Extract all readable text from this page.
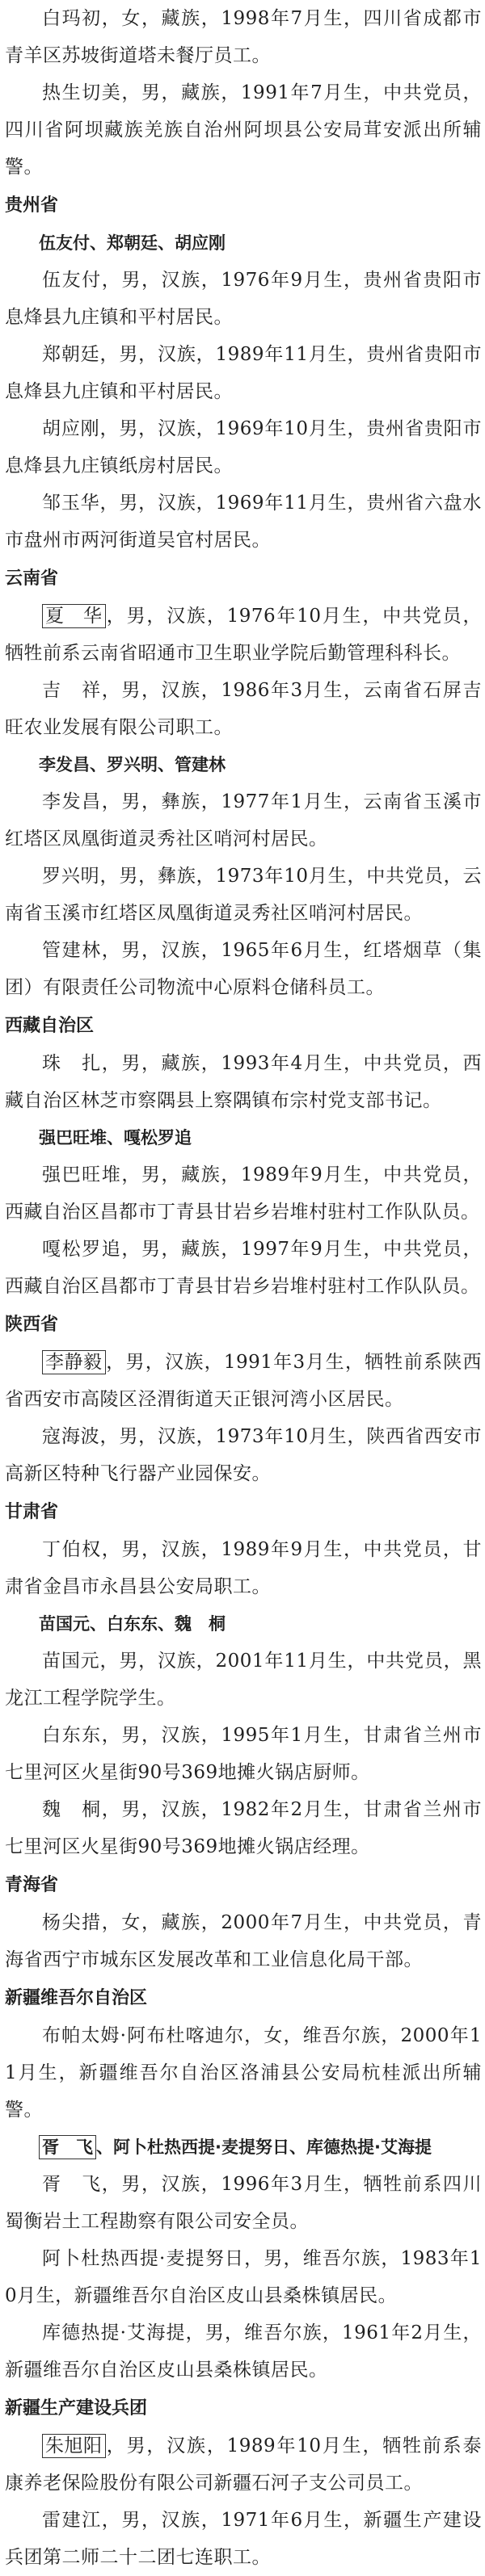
白玛初，女，藏族，1998年7月生，四川省成都市青羊区苏坡街道塔未餐厅员工。

热生切美，男，藏族，1991年7月生，中共党员，四川省阿坝藏族羌族自治州阿坝县公安局茸安派出所辅警。

贵州省

伍友付、郑朝廷、胡应刚

伍友付，男，汉族，1976年9月生，贵州省贵阳市息烽县九庄镇和平村居民。

郑朝廷，男，汉族，1989年11月生，贵州省贵阳市息烽县九庄镇和平村居民。

胡应刚，男，汉族，1969年10月生，贵州省贵阳市息烽县九庄镇纸房村居民。

邹玉华，男，汉族，1969年11月生，贵州省六盘水市盘州市两河街道吴官村居民。

云南省

夏　华 ，男，汉族，1976年10月生，中共党员，牺牲前系云南省昭通市卫生职业学院后勤管理科科长。

吉　祥，男，汉族，1986年3月生，云南省石屏吉旺农业发展有限公司职工。

李发昌、罗兴明、管建林

李发昌，男，彝族，1977年1月生，云南省玉溪市红塔区凤凰街道灵秀社区哨河村居民。

罗兴明，男，彝族，1973年10月生，中共党员，云南省玉溪市红塔区凤凰街道灵秀社区哨河村居民。

管建林，男，汉族，1965年6月生，红塔烟草（集团）有限责任公司物流中心原料仓储科员工。

西藏自治区

珠　扎，男，藏族，1993年4月生，中共党员，西藏自治区林芝市察隅县上察隅镇布宗村党支部书记。

强巴旺堆、嘎松罗追

强巴旺堆，男，藏族，1989年9月生，中共党员，西藏自治区昌都市丁青县甘岩乡岩堆村驻村工作队队员。

嘎松罗追，男，藏族，1997年9月生，中共党员，西藏自治区昌都市丁青县甘岩乡岩堆村驻村工作队队员。

陕西省

李静毅 ，男，汉族，1991年3月生，牺牲前系陕西省西安市高陵区泾渭街道天正银河湾小区居民。

寇海波，男，汉族，1973年10月生，陕西省西安市高新区特种飞行器产业园保安。

甘肃省

丁伯权，男，汉族，1989年9月生，中共党员，甘肃省金昌市永昌县公安局职工。

苗国元、白东东、魏　桐

苗国元，男，汉族，2001年11月生，中共党员，黑龙江工程学院学生。

白东东，男，汉族，1995年1月生，甘肃省兰州市七里河区火星街90号369地摊火锅店厨师。

魏　桐，男，汉族，1982年2月生，甘肃省兰州市七里河区火星街90号369地摊火锅店经理。

青海省

杨尖措，女，藏族，2000年7月生，中共党员，青海省西宁市城东区发展改革和工业信息化局干部。

新疆维吾尔自治区

布帕太姆·阿布杜喀迪尔，女，维吾尔族，2000年11月生，新疆维吾尔自治区洛浦县公安局杭桂派出所辅警。

胥　飞 、阿卜杜热西提·麦提努日、库德热提·艾海提

胥　飞，男，汉族，1996年3月生，牺牲前系四川蜀衡岩土工程勘察有限公司安全员。

阿卜杜热西提·麦提努日，男，维吾尔族，1983年10月生，新疆维吾尔自治区皮山县桑株镇居民。

库德热提·艾海提，男，维吾尔族，1961年2月生，新疆维吾尔自治区皮山县桑株镇居民。

新疆生产建设兵团

朱旭阳 ，男，汉族，1989年10月生，牺牲前系泰康养老保险股份有限公司新疆石河子支公司员工。

雷建江，男，汉族，1971年6月生，新疆生产建设兵团第二师二十二团七连职工。
